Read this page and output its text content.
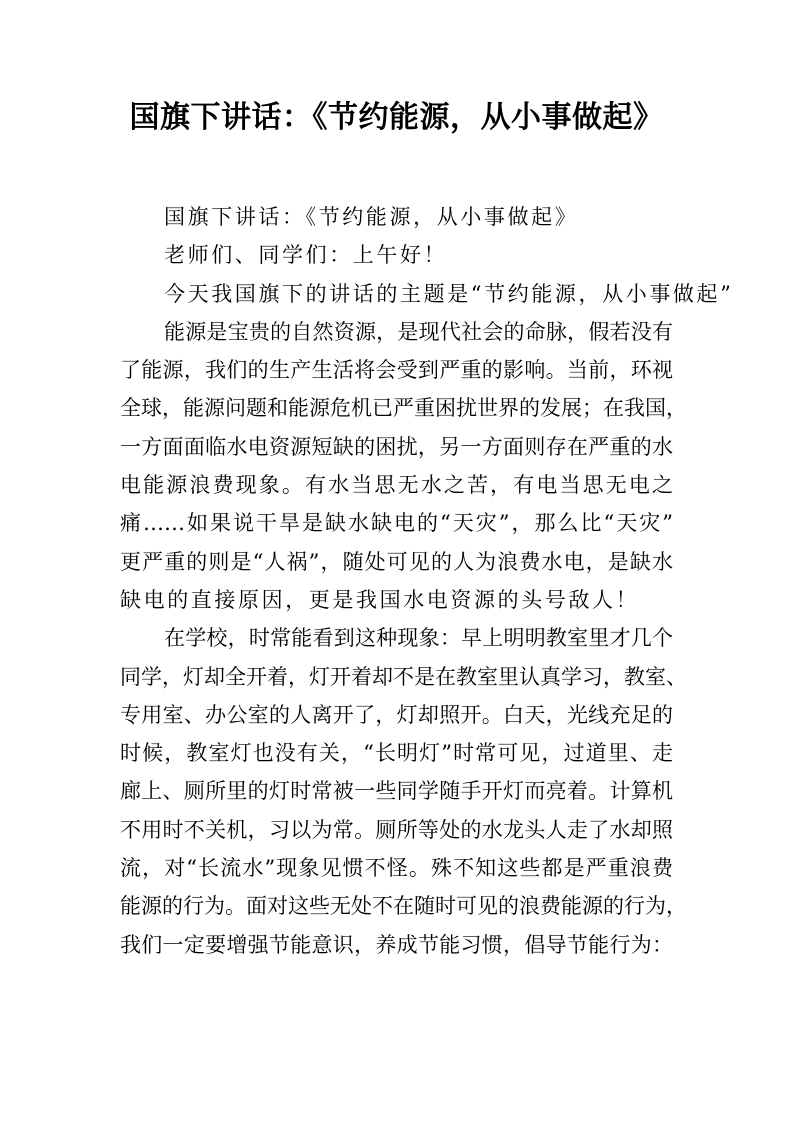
国旗下讲话：《节约能源，从小事做起》
国旗下讲话：《节约能源，从小事做起》
老师们、同学们：上午好！
今天我国旗下的讲话的主题是“节约能源，从小事做起”
能源是宝贵的自然资源，是现代社会的命脉，假若没有
了能源，我们的生产生活将会受到严重的影响。当前，环视
全球，能源问题和能源危机已严重困扰世界的发展；在我国，
一方面面临水电资源短缺的困扰，另一方面则存在严重的水
电能源浪费现象。有水当思无水之苦，有电当思无电之
痛……如果说干旱是缺水缺电的“天灾”，那么比“天灾”
更严重的则是“人祸”，随处可见的人为浪费水电，是缺水
缺电的直接原因，更是我国水电资源的头号敌人！
在学校，时常能看到这种现象：早上明明教室里才几个
同学，灯却全开着，灯开着却不是在教室里认真学习，教室、
专用室、办公室的人离开了，灯却照开。白天，光线充足的
时候，教室灯也没有关，“长明灯”时常可见，过道里、走
廊上、厕所里的灯时常被一些同学随手开灯而亮着。计算机
不用时不关机，习以为常。厕所等处的水龙头人走了水却照
流，对“长流水”现象见惯不怪。殊不知这些都是严重浪费
能源的行为。面对这些无处不在随时可见的浪费能源的行为，
我们一定要增强节能意识，养成节能习惯，倡导节能行为：
